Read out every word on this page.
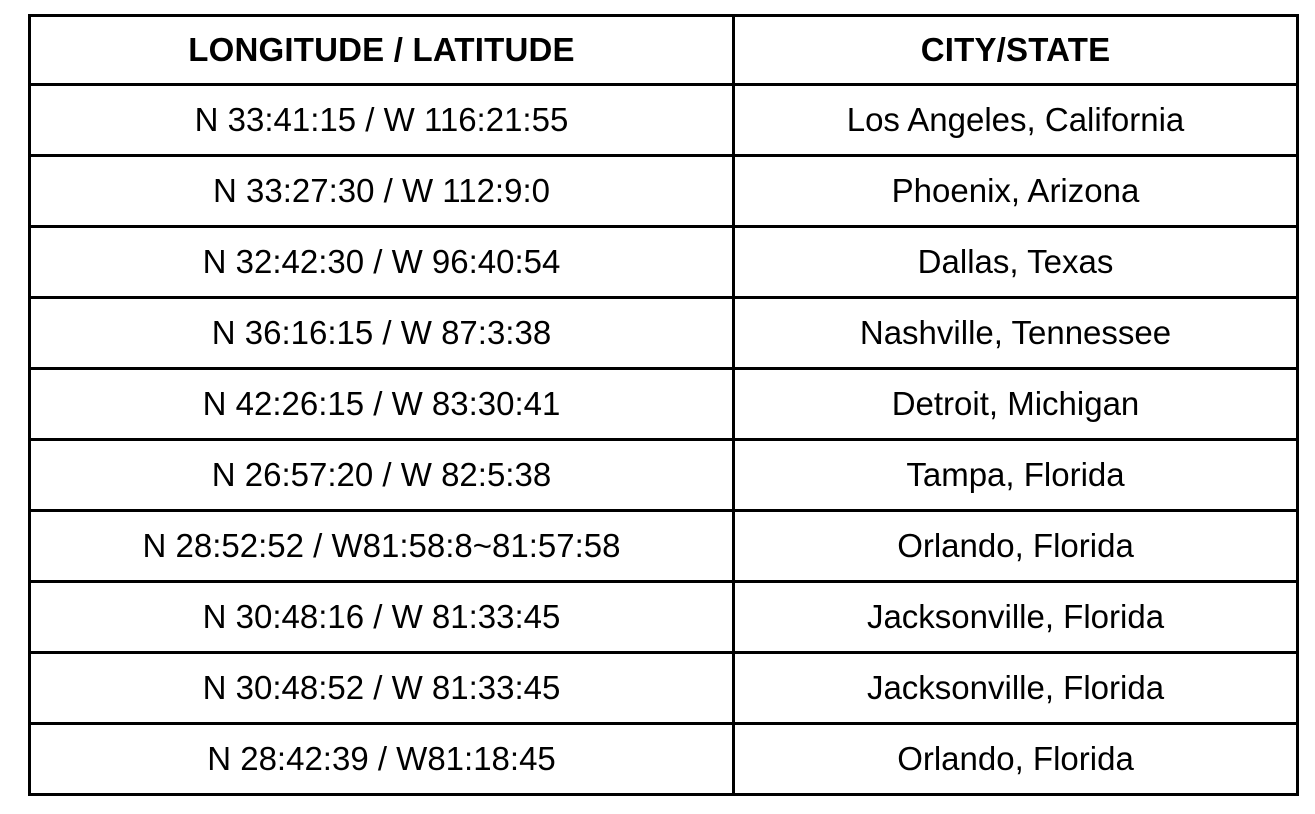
LONGITUDE / LATITUDE	CITY/STATE
N 33:41:15 / W 116:21:55	Los Angeles, California
N 33:27:30 / W 112:9:0	Phoenix, Arizona
N 32:42:30 / W 96:40:54	Dallas, Texas
N 36:16:15 / W 87:3:38	Nashville, Tennessee
N 42:26:15 / W 83:30:41	Detroit, Michigan
N 26:57:20 / W 82:5:38	Tampa, Florida
N 28:52:52 / W81:58:8~81:57:58	Orlando, Florida
N 30:48:16 / W 81:33:45	Jacksonville, Florida
N 30:48:52 / W 81:33:45	Jacksonville, Florida
N 28:42:39 / W81:18:45	Orlando, Florida
